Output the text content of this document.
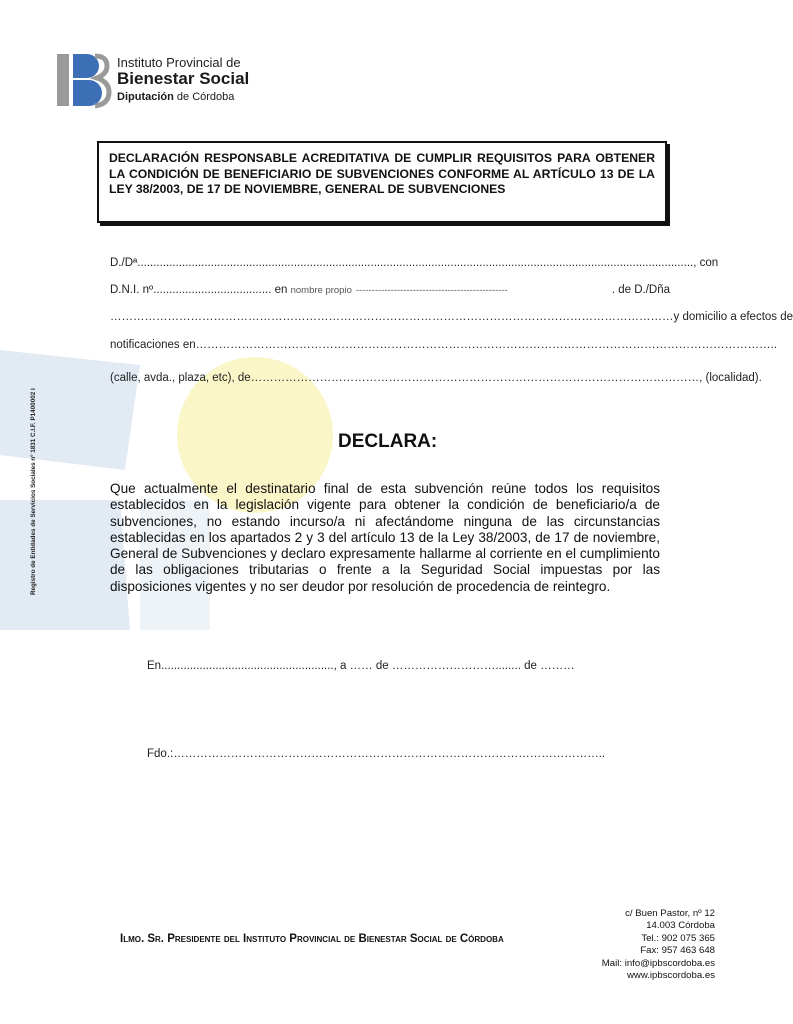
Instituto Provincial de
Bienestar Social
Diputación de Córdoba
DECLARACIÓN RESPONSABLE ACREDITATIVA DE CUMPLIR REQUISITOS PARA OBTENER LA CONDICIÓN DE BENEFICIARIO DE SUBVENCIONES CONFORME AL ARTÍCULO 13 DE LA LEY 38/2003, DE 17 DE NOVIEMBRE, GENERAL DE SUBVENCIONES
D./Dª .............................................................................................................................................................................. , con
D.N.I. nº ..................................... en nombre propio ------------------------------------------------	. de D./Dña
………………………………………………………………………………………………………………………………… y domicilio a efectos de
notificaciones en ……………………………………………………………………………………………………………………………………..
(calle, avda., plaza, etc), de ……………………………………………………………………………………………………… , (localidad).
Registro de Entidades de Servicios Sociales nº 1831 C.I.F. P1400002 I	DECLARA:
Que actualmente el destinatario final de esta subvención reúne todos los requisitos establecidos en la legislación vigente para obtener la condición de beneficiario/a de subvenciones, no estando incurso/a ni afectándome ninguna de las circunstancias establecidas en los apartados 2 y 3 del artículo 13 de la Ley 38/2003, de 17 de noviembre, General de Subvenciones y declaro expresamente hallarme al corriente en el cumplimiento de las obligaciones tributarias o frente a la Seguridad Social impuestas por las disposiciones vigentes y no ser deudor por resolución de procedencia de reintegro.
En......................................................, a …… de ………………………........ de ………
Fdo.:…………………………………………………………………………………………………..
Ilmo. Sr. Presidente del Instituto Provincial de Bienestar Social de Córdoba
c/ Buen Pastor, nº 12
14.003 Córdoba
Tel.: 902 075 365
Fax: 957 463 648
Mail: info@ipbscordoba.es
www.ipbscordoba.es
